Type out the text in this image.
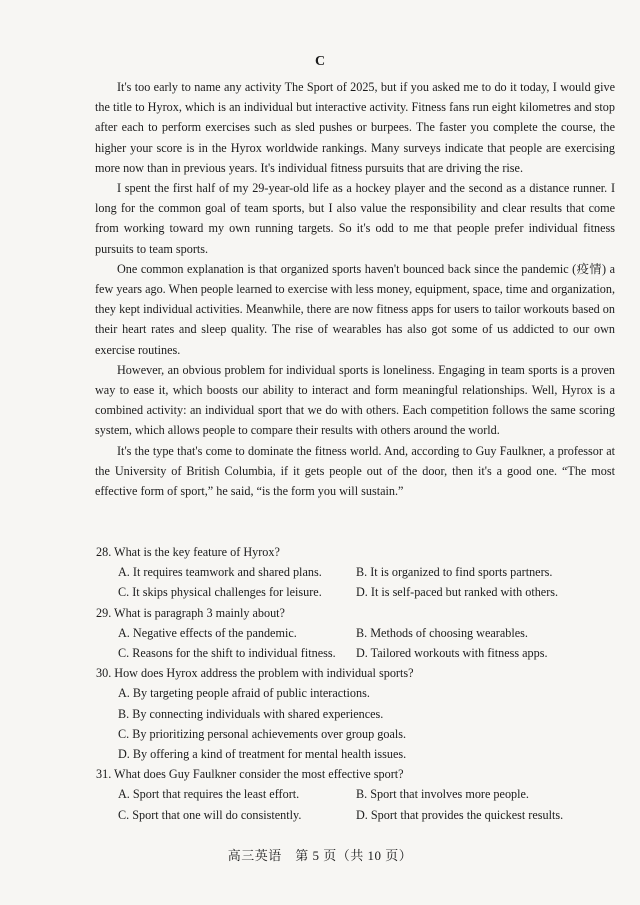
C

It's too early to name any activity The Sport of 2025, but if you asked me to do it today, I would give the title to Hyrox, which is an individual but interactive activity. Fitness fans run eight kilometres and stop after each to perform exercises such as sled pushes or burpees. The faster you complete the course, the higher your score is in the Hyrox worldwide rankings. Many surveys indicate that people are exercising more now than in previous years. It's individual fitness pursuits that are driving the rise.

I spent the first half of my 29-year-old life as a hockey player and the second as a distance runner. I long for the common goal of team sports, but I also value the responsibility and clear results that come from working toward my own running targets. So it's odd to me that people prefer individual fitness pursuits to team sports.

One common explanation is that organized sports haven't bounced back since the pandemic (疫情) a few years ago. When people learned to exercise with less money, equipment, space, time and organization, they kept individual activities. Meanwhile, there are now fitness apps for users to tailor workouts based on their heart rates and sleep quality. The rise of wearables has also got some of us addicted to our own exercise routines.

However, an obvious problem for individual sports is loneliness. Engaging in team sports is a proven way to ease it, which boosts our ability to interact and form meaningful relationships. Well, Hyrox is a combined activity: an individual sport that we do with others. Each competition follows the same scoring system, which allows people to compare their results with others around the world.

It's the type that's come to dominate the fitness world. And, according to Guy Faulkner, a professor at the University of British Columbia, if it gets people out of the door, then it's a good one. “The most effective form of sport,” he said, “is the form you will sustain.”

28. What is the key feature of Hyrox?
A. It requires teamwork and shared plans.	B. It is organized to find sports partners.
C. It skips physical challenges for leisure.	D. It is self-paced but ranked with others.
29. What is paragraph 3 mainly about?
A. Negative effects of the pandemic.	B. Methods of choosing wearables.
C. Reasons for the shift to individual fitness.	D. Tailored workouts with fitness apps.
30. How does Hyrox address the problem with individual sports?
A. By targeting people afraid of public interactions.
B. By connecting individuals with shared experiences.
C. By prioritizing personal achievements over group goals.
D. By offering a kind of treatment for mental health issues.
31. What does Guy Faulkner consider the most effective sport?
A. Sport that requires the least effort.	B. Sport that involves more people.
C. Sport that one will do consistently.	D. Sport that provides the quickest results.
高三英语　第 5 页（共 10 页）
